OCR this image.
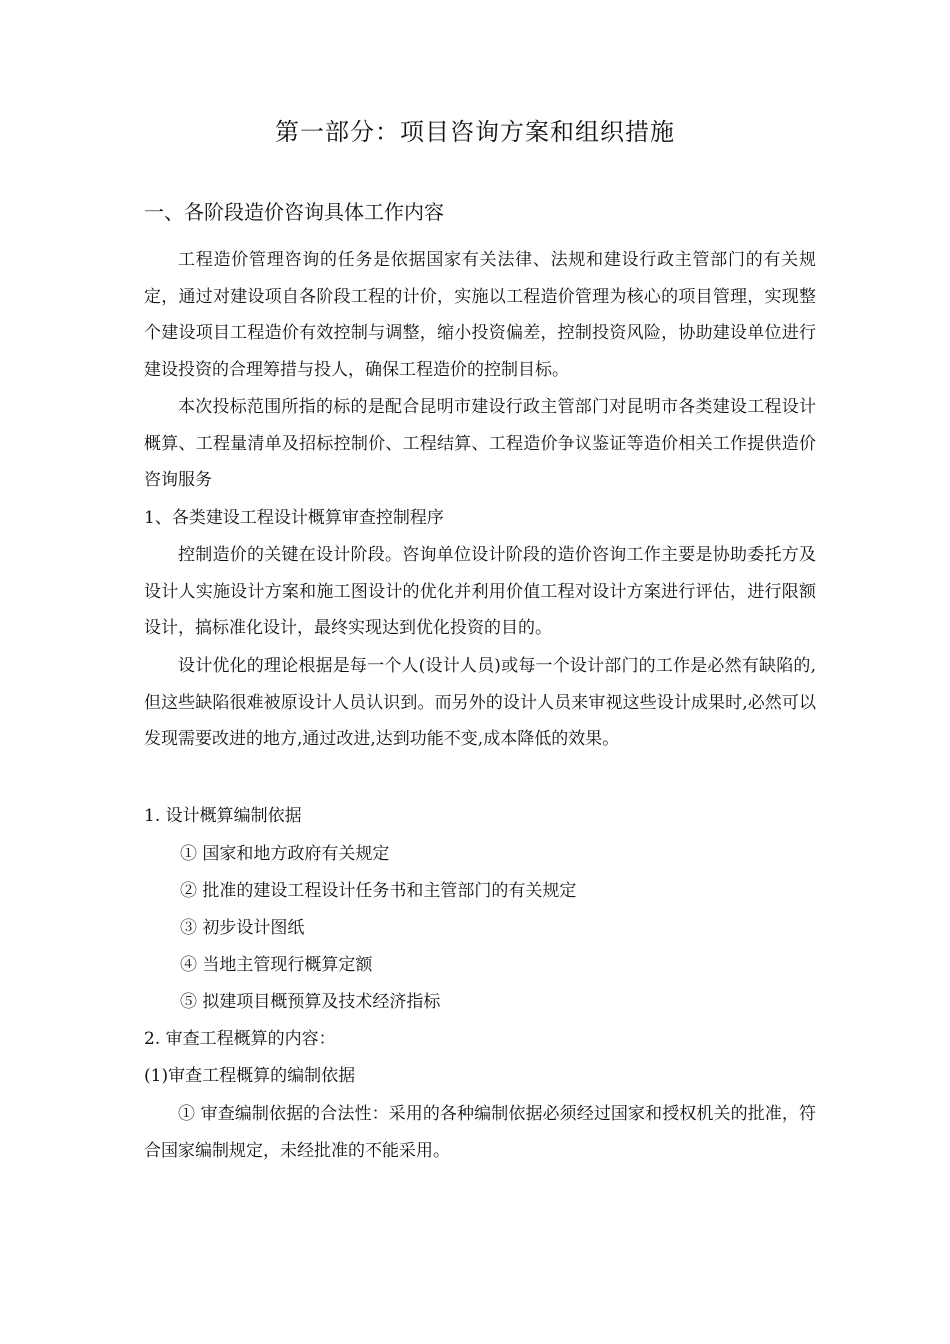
第一部分：项目咨询方案和组织措施
一、各阶段造价咨询具体工作内容

工程造价管理咨询的任务是依据国家有关法律、法规和建设行政主管部门的有关规定，通过对建设项自各阶段工程的计价，实施以工程造价管理为核心的项目管理，实现整个建设项目工程造价有效控制与调整，缩小投资偏差，控制投资风险，协助建设单位进行建设投资的合理筹措与投人，确保工程造价的控制目标。

本次投标范围所指的标的是配合昆明市建设行政主管部门对昆明市各类建设工程设计概算、工程量清单及招标控制价、工程结算、工程造价争议鉴证等造价相关工作提供造价咨询服务

1、各类建设工程设计概算审查控制程序

控制造价的关键在设计阶段。咨询单位设计阶段的造价咨询工作主要是协助委托方及设计人实施设计方案和施工图设计的优化并利用价值工程对设计方案进行评估，进行限额设计，搞标准化设计，最终实现达到优化投资的目的。

设计优化的理论根据是每一个人(设计人员)或每一个设计部门的工作是必然有缺陷的,但这些缺陷很难被原设计人员认识到。而另外的设计人员来审视这些设计成果时,必然可以发现需要改进的地方,通过改进,达到功能不变,成本降低的效果。

1. 设计概算编制依据
① 国家和地方政府有关规定
② 批准的建设工程设计任务书和主管部门的有关规定
③ 初步设计图纸
④ 当地主管现行概算定额
⑤ 拟建项目概预算及技术经济指标
2. 审查工程概算的内容：
(1)审查工程概算的编制依据

① 审查编制依据的合法性：采用的各种编制依据必须经过国家和授权机关的批准，符合国家编制规定，未经批准的不能采用。
